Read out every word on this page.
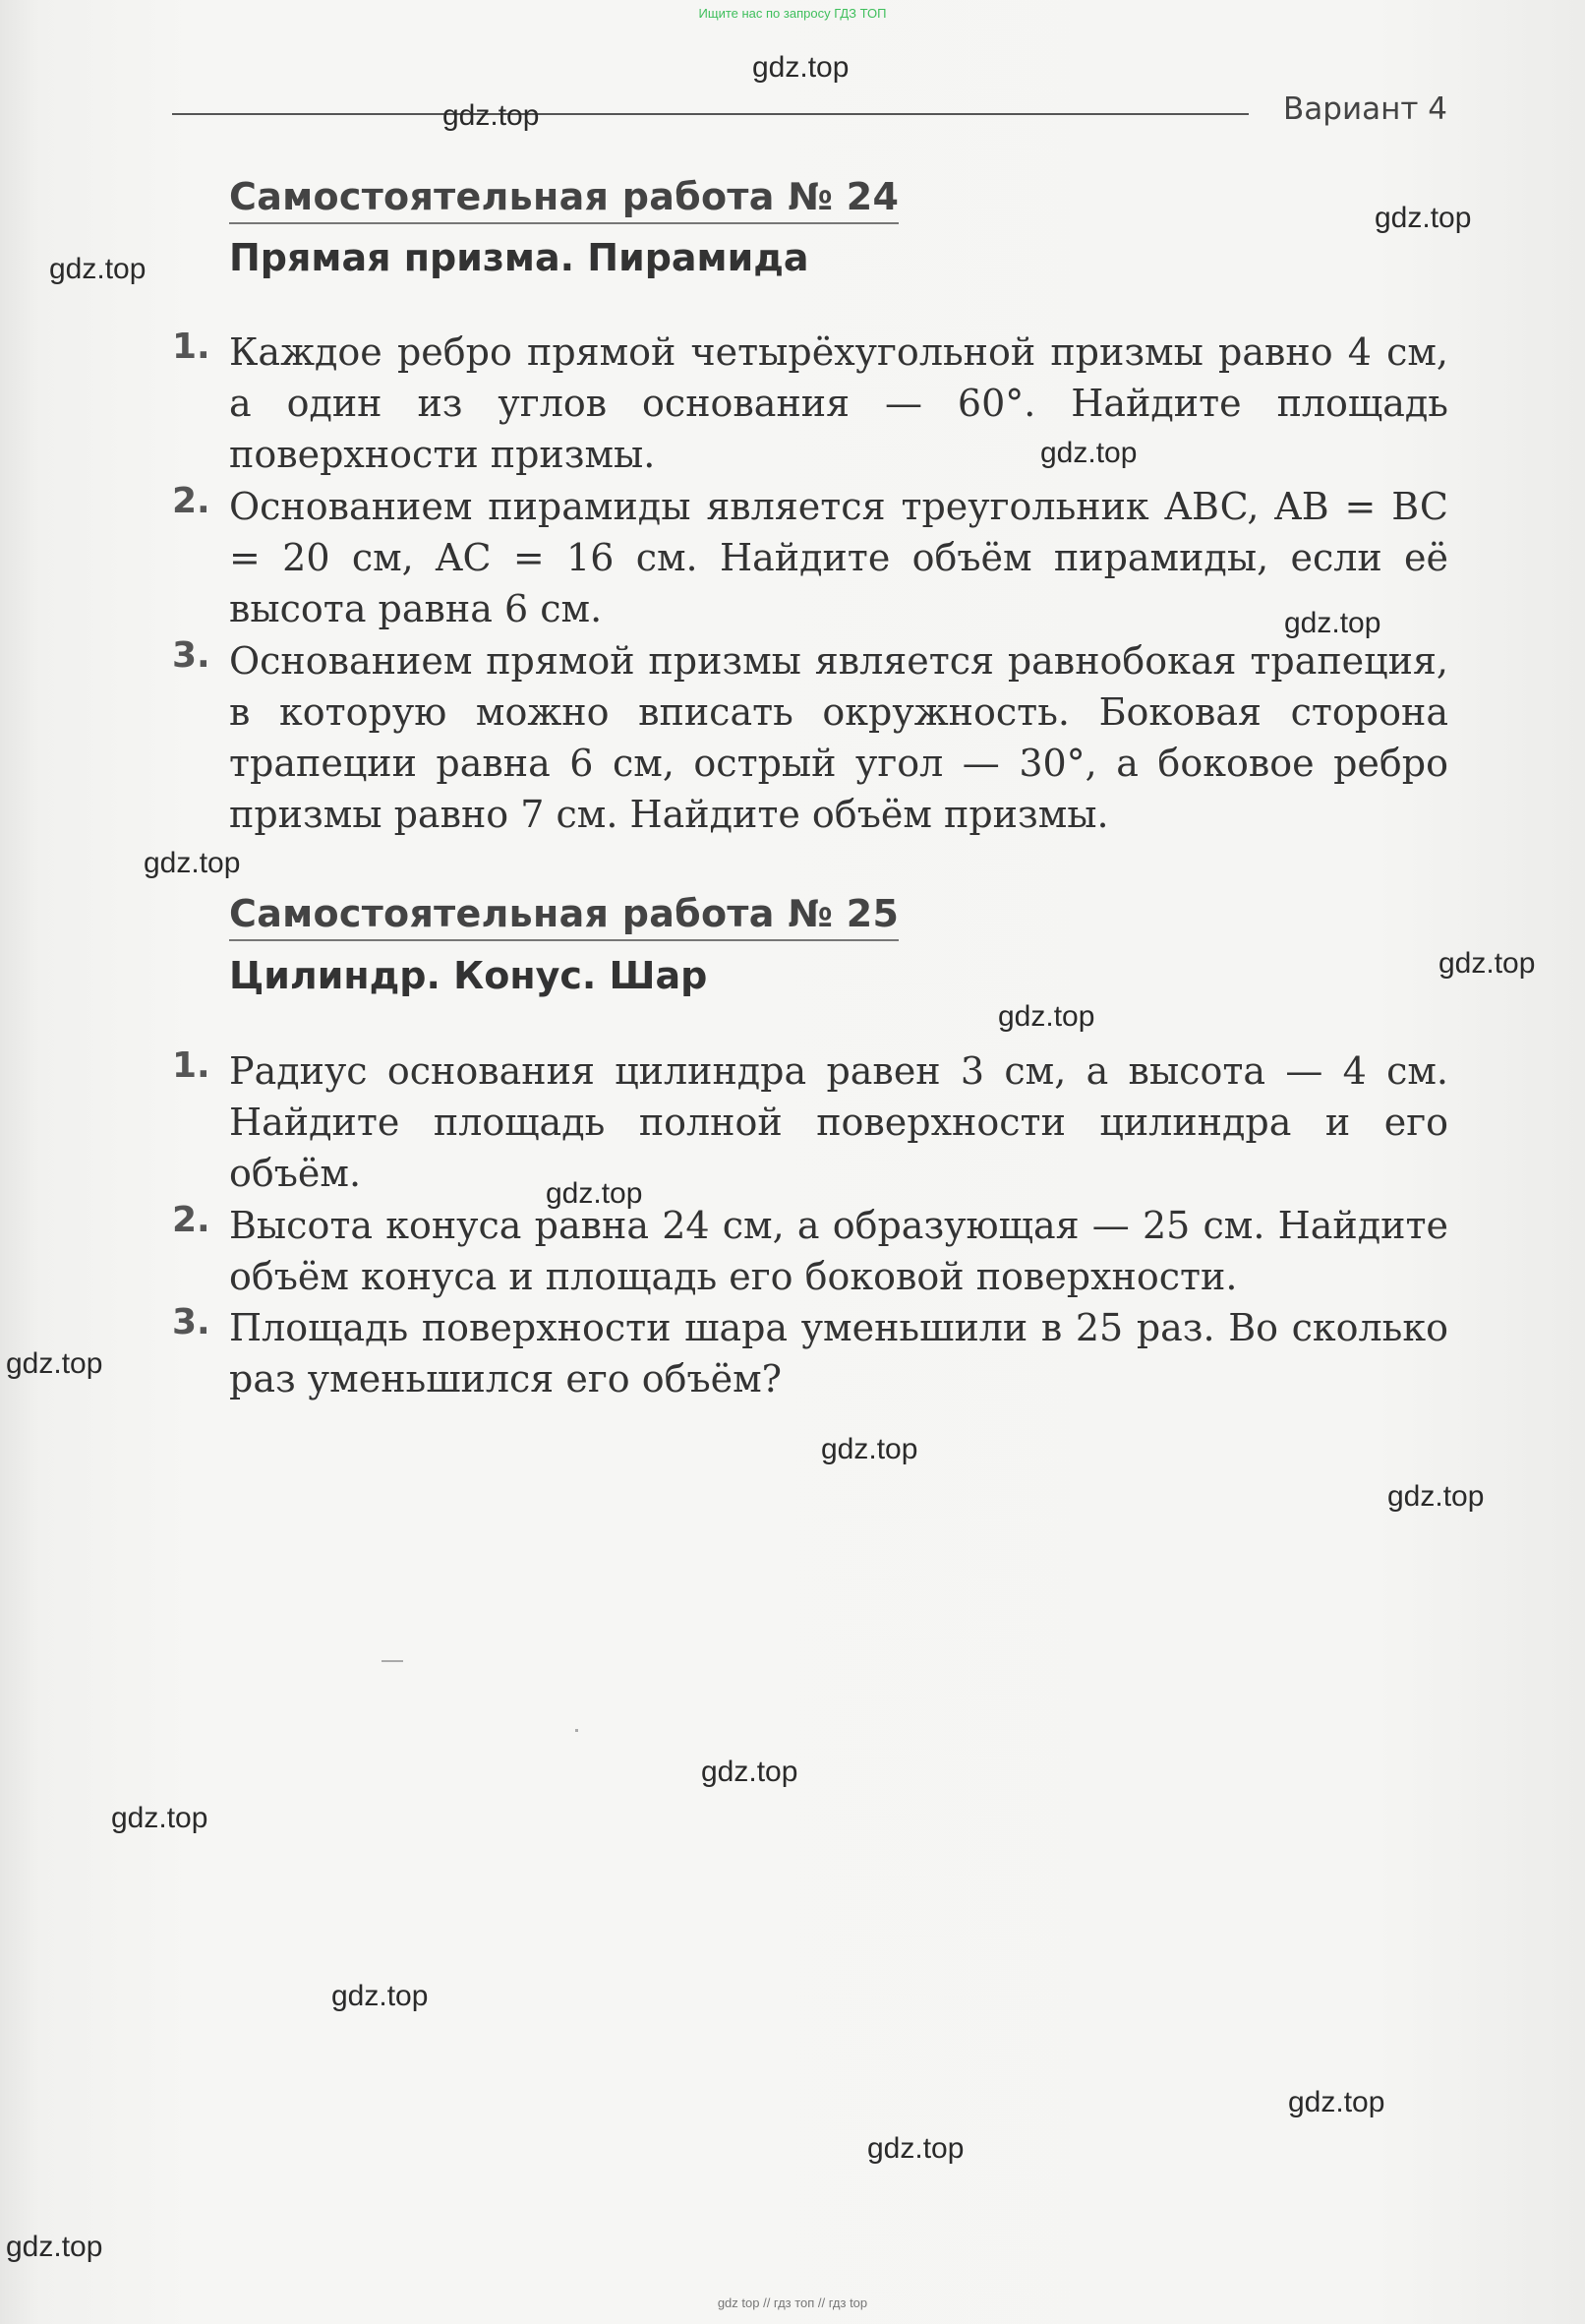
Ищите нас по запросу ГДЗ ТОП
Вариант 4
Самостоятельная работа № 24
Прямая призма. Пирамида
1. Каждое ребро прямой четырёхугольной призмы равно 4 см, а один из углов основания — 60°. Найдите площадь поверхности призмы.
2. Основанием пирамиды является треугольник ABC, AB = BC = 20 см, AC = 16 см. Найдите объём пирамиды, если её высота равна 6 см.
3. Основанием прямой призмы является равнобокая трапеция, в которую можно вписать окружность. Боковая сторона трапеции равна 6 см, острый угол — 30°, а боковое ребро призмы равно 7 см. Найдите объём призмы.
Самостоятельная работа № 25
Цилиндр. Конус. Шар
1. Радиус основания цилиндра равен 3 см, а высота — 4 см. Найдите площадь полной поверхности цилиндра и его объём.
2. Высота конуса равна 24 см, а образующая — 25 см. Найдите объём конуса и площадь его боковой поверхности.
3. Площадь поверхности шара уменьшили в 25 раз. Во сколько раз уменьшился его объём?
gdz.top
gdz.top
gdz.top
gdz.top
gdz.top
gdz.top
gdz.top
gdz.top
gdz.top
gdz.top
gdz.top
gdz.top
gdz.top
gdz.top
gdz.top
gdz.top
gdz.top
gdz.top
gdz.top
gdz top // гдз топ // гдз top
